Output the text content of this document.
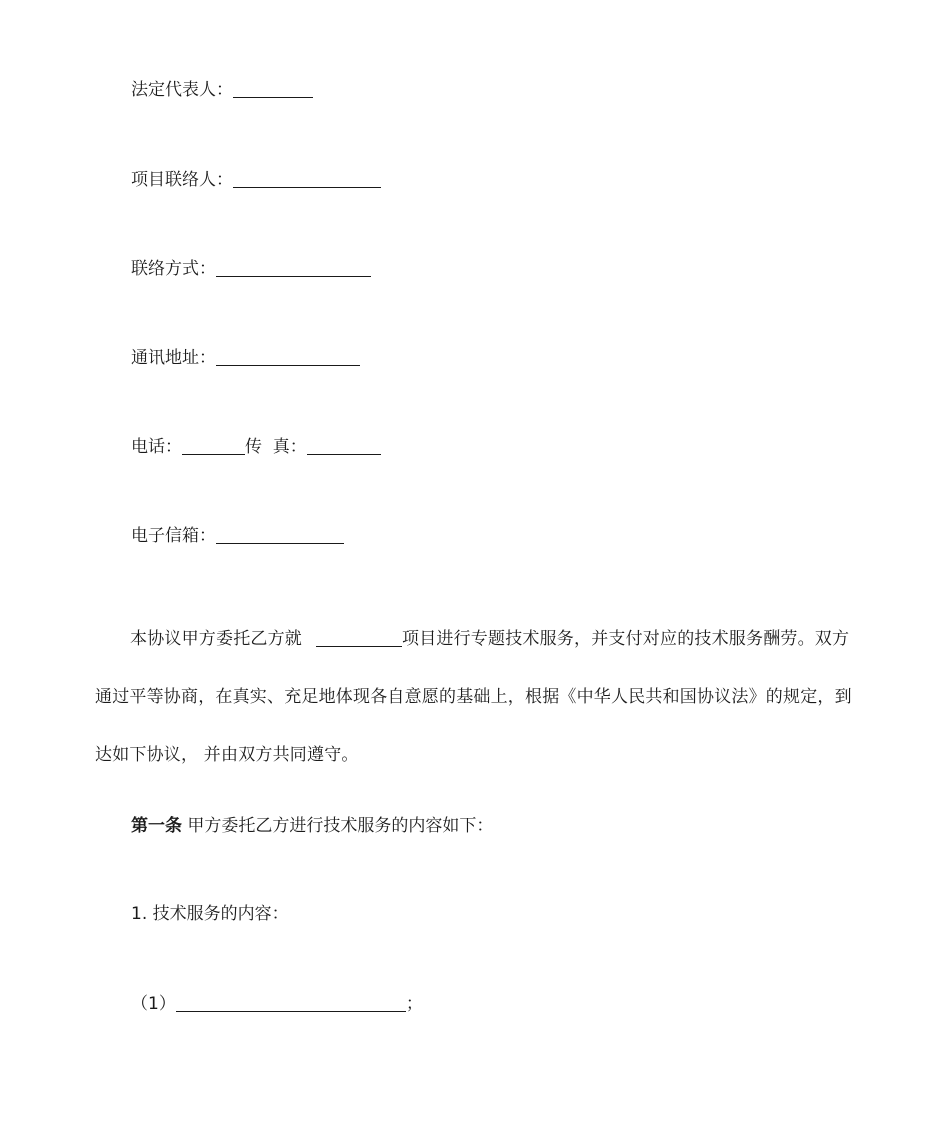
法定代表人：
项目联络人：
联络方式：
通讯地址：
电话：	传  真：
电子信箱：
本协议甲方委托乙方就	项目进行专题技术服务，并支付对应的技术服务酬劳。双方通过平等协商，在真实、充足地体现各自意愿的基础上，根据《中华人民共和国协议法》的规定，到达如下协议， 并由双方共同遵守。
第一条 甲方委托乙方进行技术服务的内容如下：
1. 技术服务的内容：
（1）	；
